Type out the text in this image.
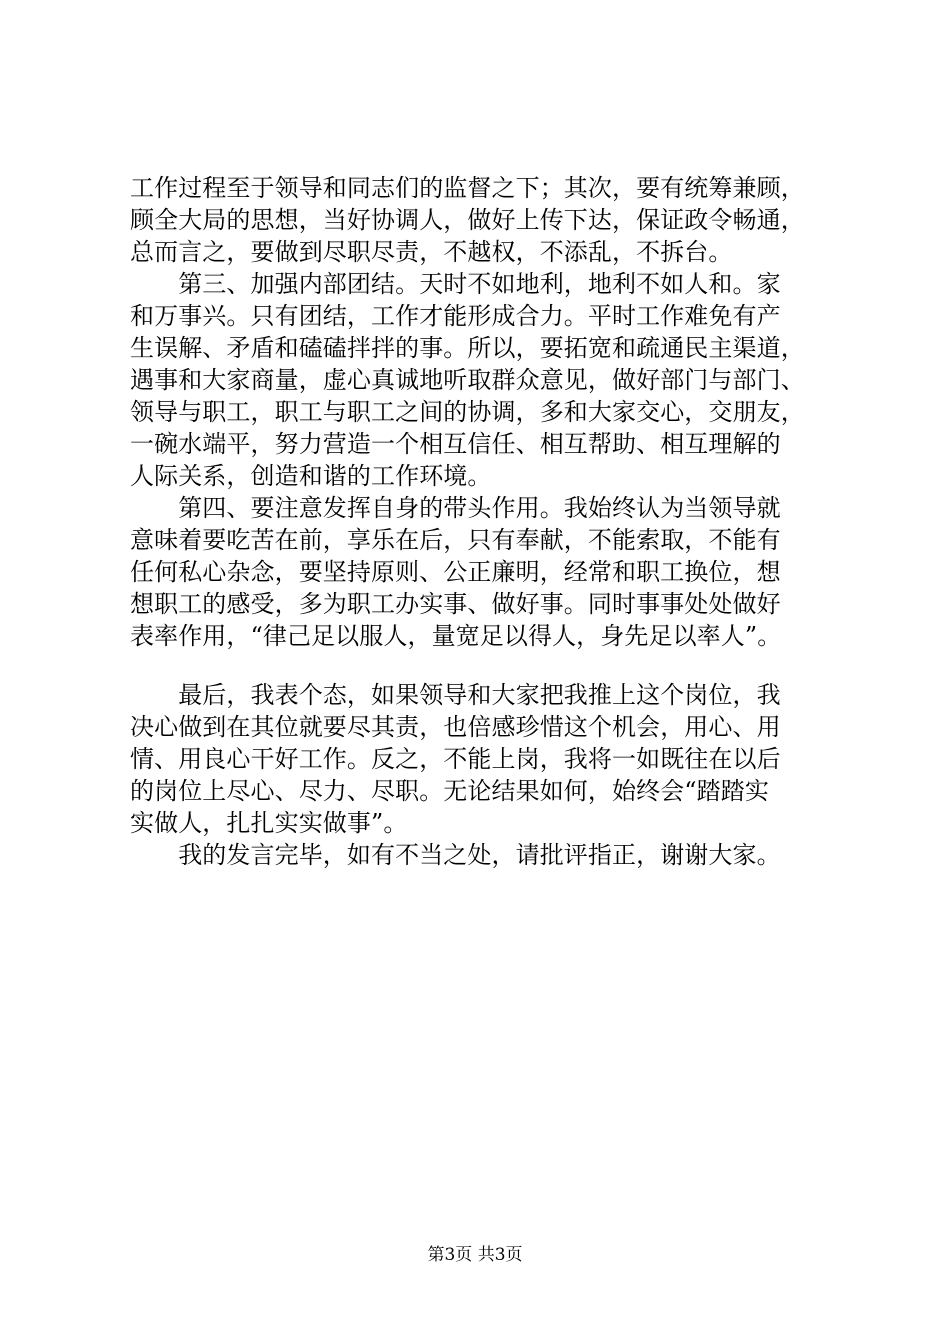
工作过程至于领导和同志们的监督之下；其次，要有统筹兼顾，
顾全大局的思想，当好协调人，做好上传下达，保证政令畅通，
总而言之，要做到尽职尽责，不越权，不添乱，不拆台。
　　第三、加强内部团结。天时不如地利，地利不如人和。家
和万事兴。只有团结，工作才能形成合力。平时工作难免有产
生误解、矛盾和磕磕拌拌的事。所以，要拓宽和疏通民主渠道，
遇事和大家商量，虚心真诚地听取群众意见，做好部门与部门、
领导与职工，职工与职工之间的协调，多和大家交心，交朋友，
一碗水端平，努力营造一个相互信任、相互帮助、相互理解的
人际关系，创造和谐的工作环境。
　　第四、要注意发挥自身的带头作用。我始终认为当领导就
意味着要吃苦在前，享乐在后，只有奉献，不能索取，不能有
任何私心杂念，要坚持原则、公正廉明，经常和职工换位，想
想职工的感受，多为职工办实事、做好事。同时事事处处做好
表率作用，“律己足以服人，量宽足以得人，身先足以率人”。
　　最后，我表个态，如果领导和大家把我推上这个岗位，我
决心做到在其位就要尽其责，也倍感珍惜这个机会，用心、用
情、用良心干好工作。反之，不能上岗，我将一如既往在以后
的岗位上尽心、尽力、尽职。无论结果如何，始终会“踏踏实
实做人，扎扎实实做事”。
　　我的发言完毕，如有不当之处，请批评指正，谢谢大家。
第3页 共3页
